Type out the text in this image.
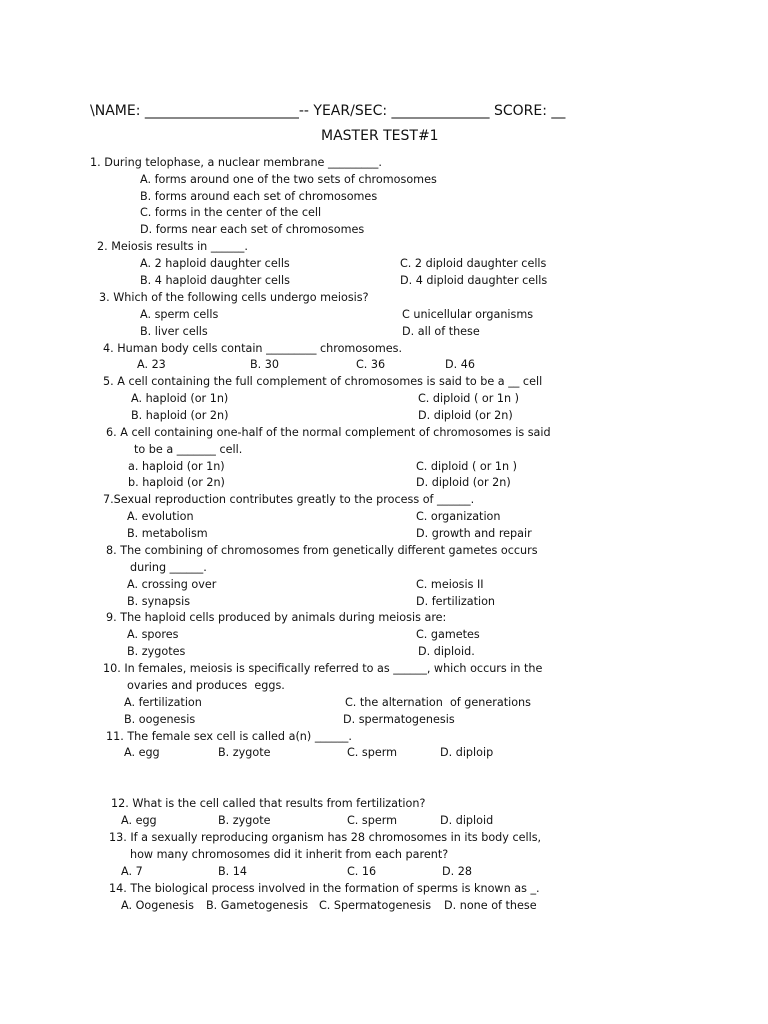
\NAME: ______________________-- YEAR/SEC: ______________ SCORE: __
MASTER TEST#1
1. During telophase, a nuclear membrane _________.
A. forms around one of the two sets of chromosomes
B. forms around each set of chromosomes
C. forms in the center of the cell
D. forms near each set of chromosomes
2. Meiosis results in ______.
A. 2 haploid daughter cells	C. 2 diploid daughter cells
B. 4 haploid daughter cells	D. 4 diploid daughter cells
3. Which of the following cells undergo meiosis?
A. sperm cells	C unicellular organisms
B. liver cells	D. all of these
4. Human body cells contain _________ chromosomes.
A. 23	B. 30	C. 36	D. 46
5. A cell containing the full complement of chromosomes is said to be a __ cell
A. haploid (or 1n)	C. diploid ( or 1n )
B. haploid (or 2n)	D. diploid (or 2n)
6. A cell containing one-half of the normal complement of chromosomes is said
to be a _______ cell.
a. haploid (or 1n)	C. diploid ( or 1n )
b. haploid (or 2n)	D. diploid (or 2n)
7.Sexual reproduction contributes greatly to the process of ______.
A. evolution	C. organization
B. metabolism	D. growth and repair
8. The combining of chromosomes from genetically different gametes occurs
during ______.
A. crossing over	C. meiosis II
B. synapsis	D. fertilization
9. The haploid cells produced by animals during meiosis are:
A. spores	C. gametes
B. zygotes	D. diploid.
10. In females, meiosis is specifically referred to as ______, which occurs in the
ovaries and produces  eggs.
A. fertilization	C. the alternation  of generations
B. oogenesis	D. spermatogenesis
11. The female sex cell is called a(n) ______.
A. egg	B. zygote	C. sperm	D. diploip
12. What is the cell called that results from fertilization?
A. egg	B. zygote	C. sperm	D. diploid
13. If a sexually reproducing organism has 28 chromosomes in its body cells,
how many chromosomes did it inherit from each parent?
A. 7	B. 14	C. 16	D. 28
14. The biological process involved in the formation of sperms is known as _.
A. Oogenesis B. Gametogenesis C. Spermatogenesis D. none of these
